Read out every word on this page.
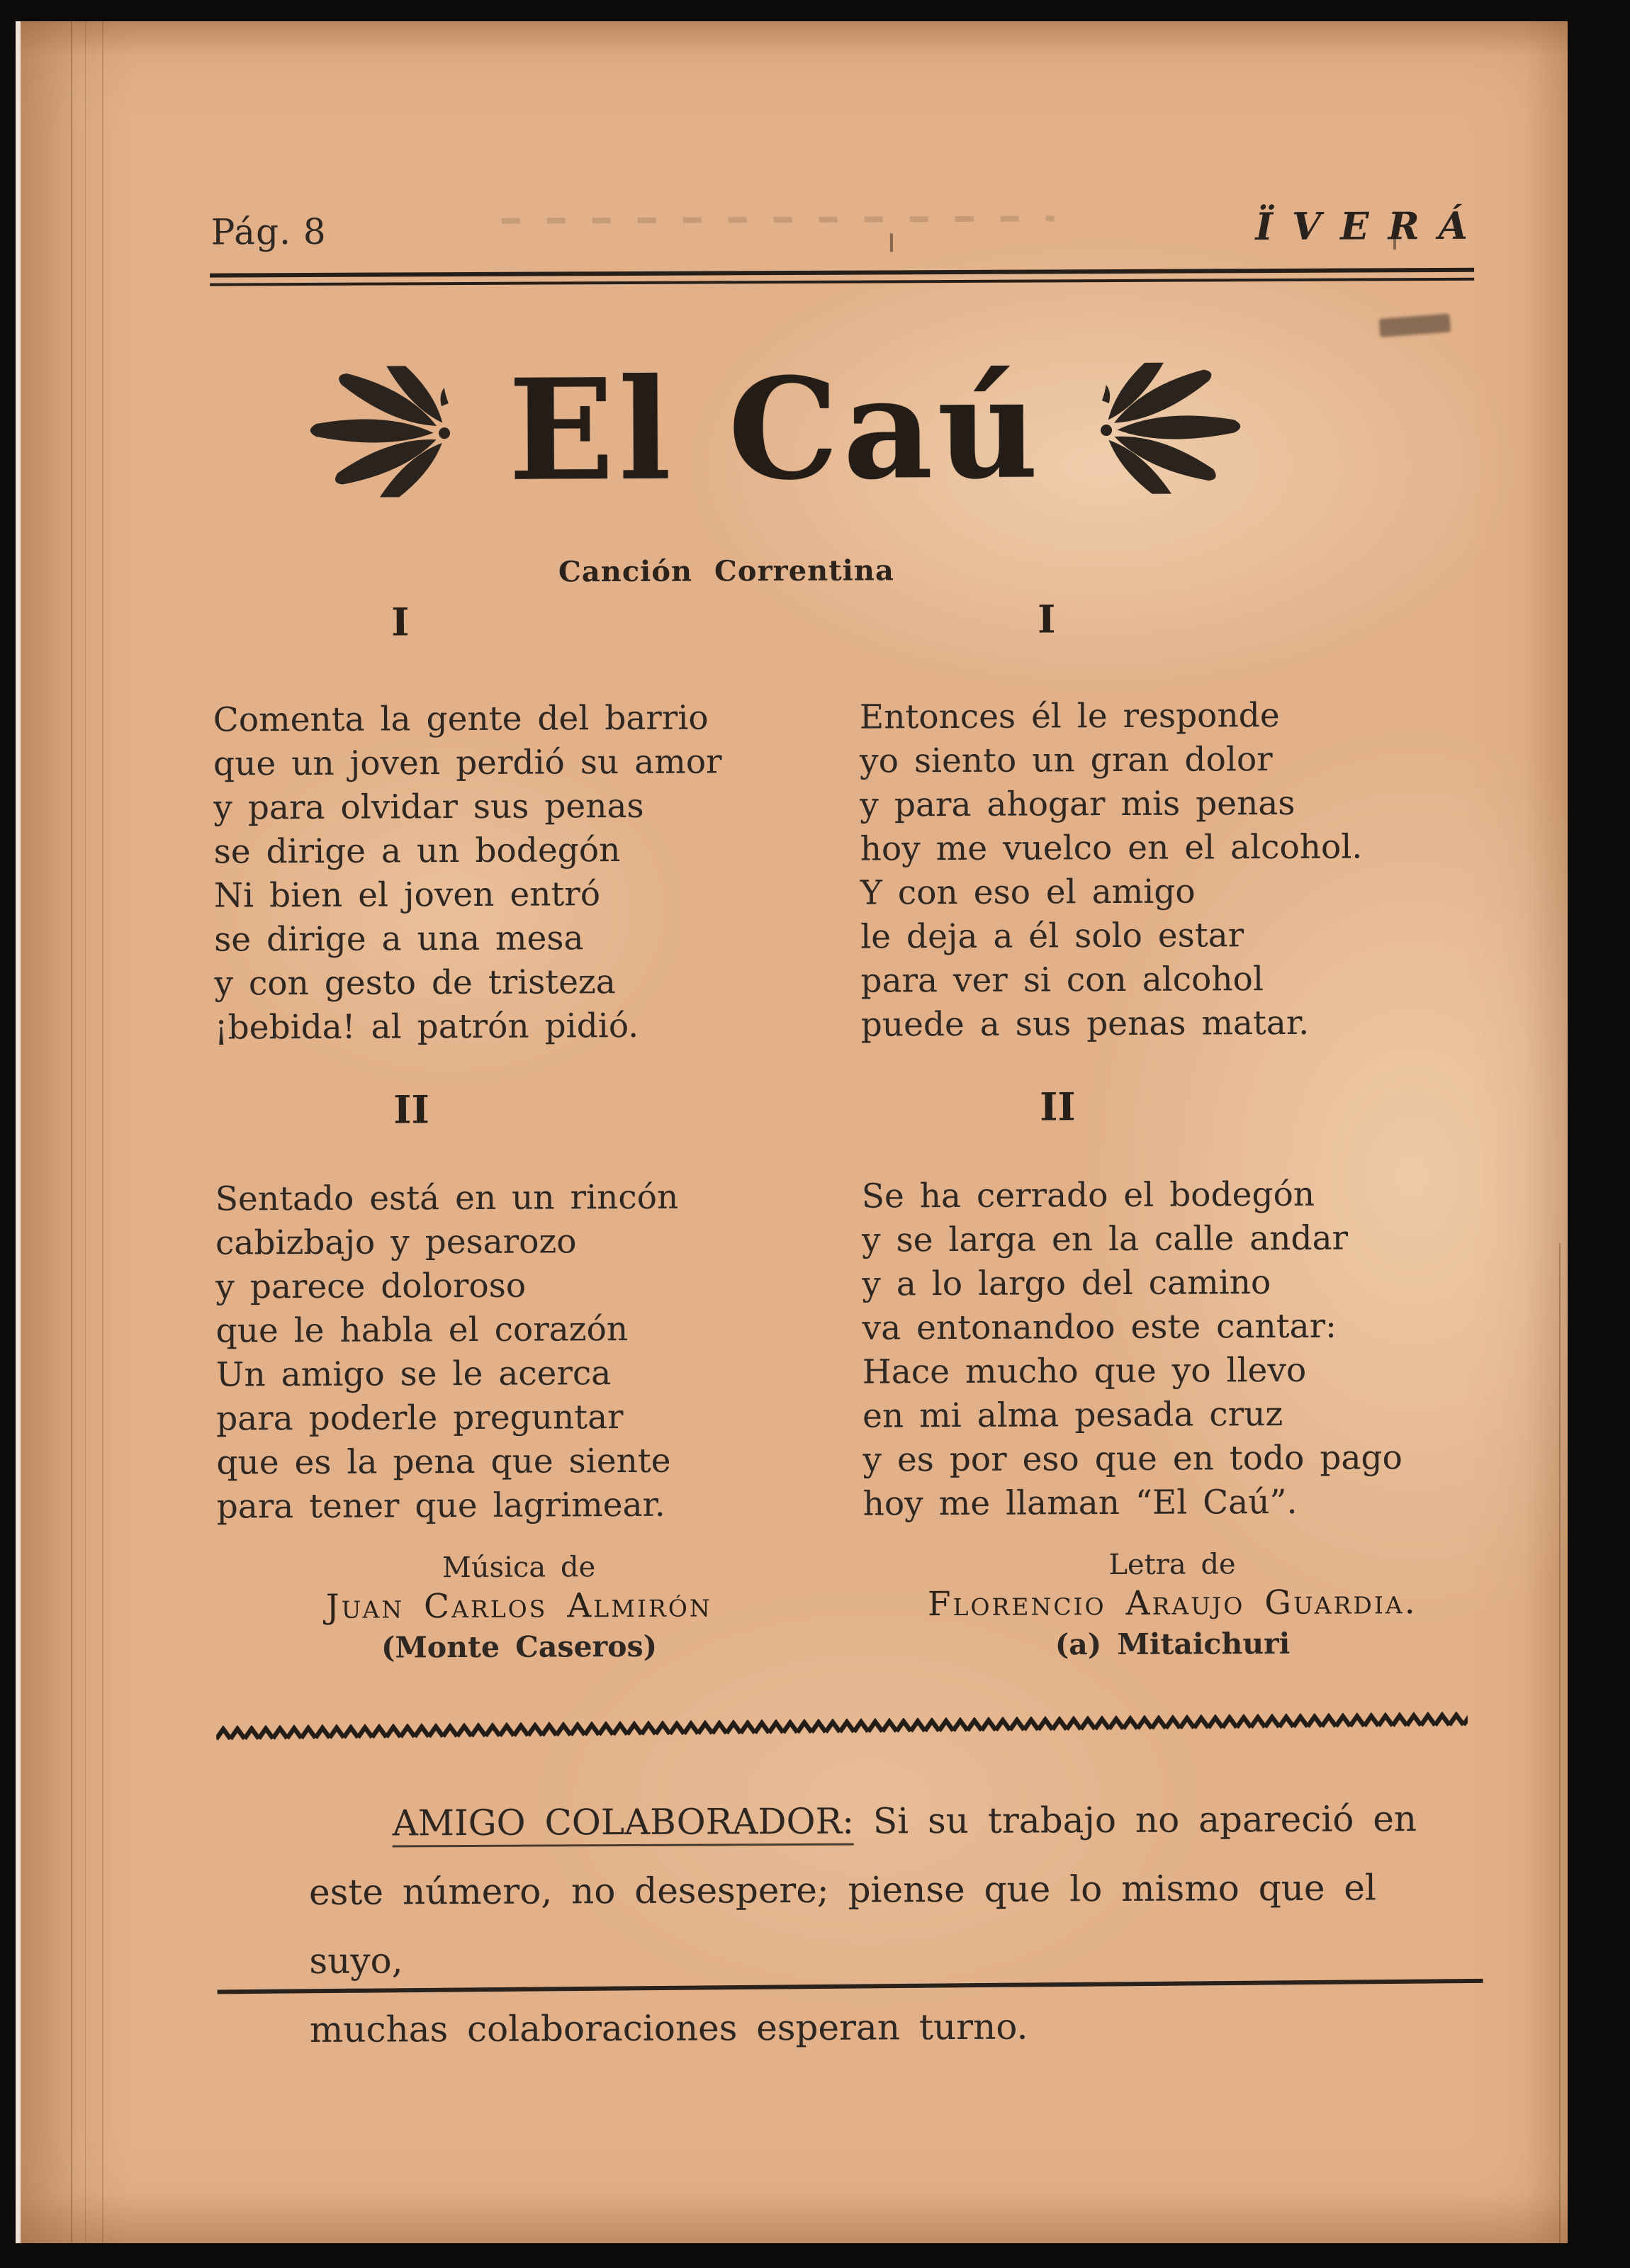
Pág. 8	ÏVERÁ
El Caú
Canción Correntina
I
Comenta la gente del barrio
que un joven perdió su amor
y para olvidar sus penas
se dirige a un bodegón
Ni bien el joven entró
se dirige a una mesa
y con gesto de tristeza
¡bebida! al patrón pidió.
II
Sentado está en un rincón
cabizbajo y pesarozo
y parece doloroso
que le habla el corazón
Un amigo se le acerca
para poderle preguntar
que es la pena que siente
para tener que lagrimear.
Música de
Juan Carlos Almirón
(Monte Caseros)
I
Entonces él le responde
yo siento un gran dolor
y para ahogar mis penas
hoy me vuelco en el alcohol.
Y con eso el amigo
le deja a él solo estar
para ver si con alcohol
puede a sus penas matar.
II
Se ha cerrado el bodegón
y se larga en la calle andar
y a lo largo del camino
va entonandoo este cantar:
Hace mucho que yo llevo
en mi alma pesada cruz
y es por eso que en todo pago
hoy me llaman “El Caú”.
Letra de
Florencio Araujo Guardia.
(a) Mitaichuri
AMIGO COLABORADOR: Si su trabajo no apareció en
este número, no desespere; piense que lo mismo que el suyo,
muchas colaboraciones esperan turno.
